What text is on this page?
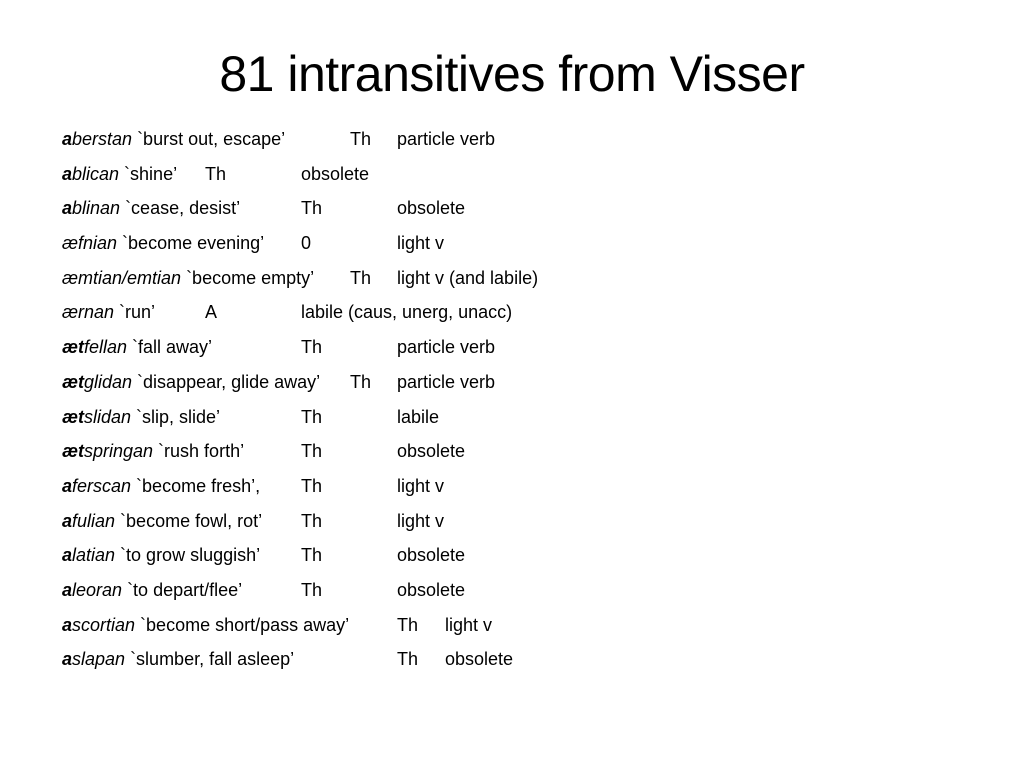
81 intransitives from Visser
aberstan `burst out, escape’	Th particle verb
ablican `shine’ Th	obsolete
ablinan `cease, desist’	Th	obsolete
æfnian `become evening’ 0	light v
æmtian/emtian `become empty’ Th light v (and labile)
ærnan `run’	A	labile (caus, unerg, unacc)
ætfellan `fall away’	Th	particle verb
ætglidan `disappear, glide away’ Th particle verb
ætslidan `slip, slide’	Th	labile
ætspringan `rush forth’	Th	obsolete
aferscan `become fresh’, Th	light v
afulian `become fowl, rot’ Th	light v
alatian `to grow sluggish’ Th	obsolete
aleoran `to depart/flee’	Th	obsolete
ascortian `become short/pass away’	Th light v
aslapan `slumber, fall asleep’	Th obsolete
